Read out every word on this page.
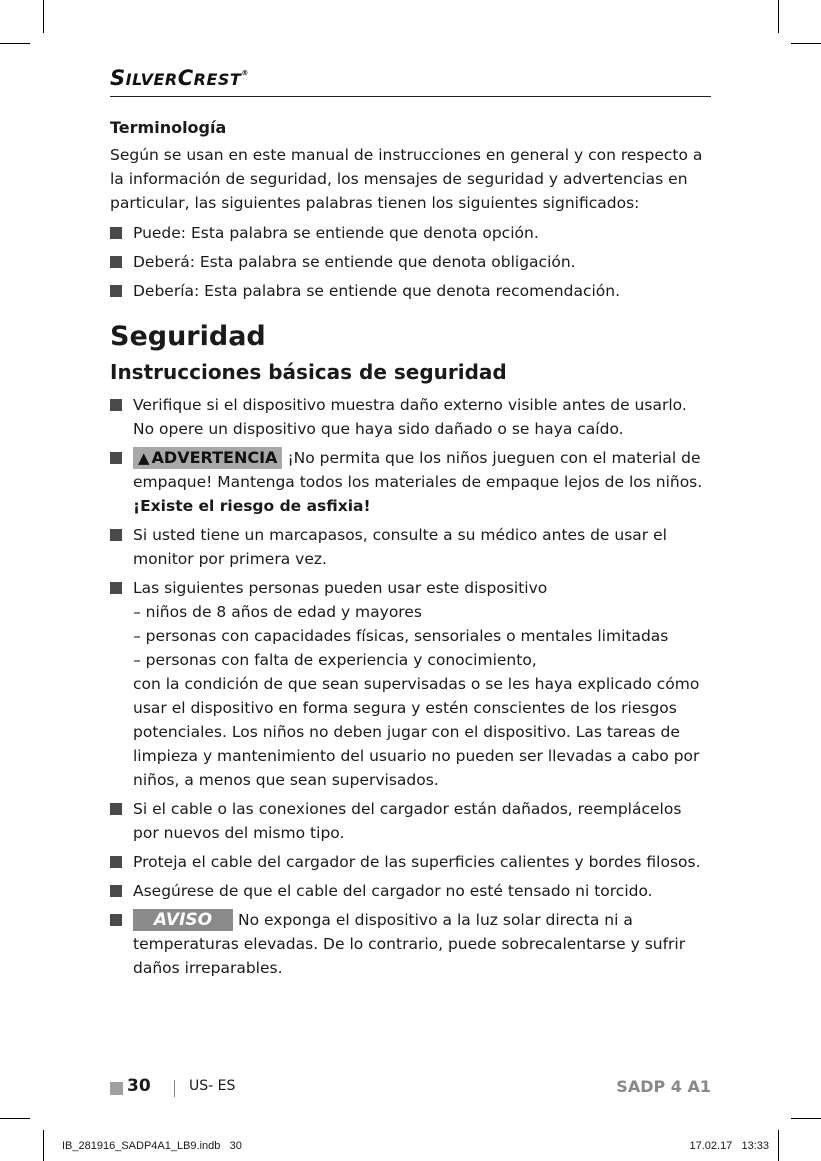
SILVERCREST®
Terminología

Según se usan en este manual de instrucciones en general y con respecto a la información de seguridad, los mensajes de seguridad y advertencias en particular, las siguientes palabras tienen los siguientes significados:

Puede: Esta palabra se entiende que denota opción.
Deberá: Esta palabra se entiende que denota obligación.
Debería: Esta palabra se entiende que denota recomendación.
Seguridad
Instrucciones básicas de seguridad
Verifique si el dispositivo muestra daño externo visible antes de usarlo.
No opere un dispositivo que haya sido dañado o se haya caído.
▲ ADVERTENCIA ¡No permita que los niños jueguen con el material de empaque! Mantenga todos los materiales de empaque lejos de los niños.
¡Existe el riesgo de asfixia!
Si usted tiene un marcapasos, consulte a su médico antes de usar el monitor por primera vez.
Las siguientes personas pueden usar este dispositivo
– niños de 8 años de edad y mayores
– personas con capacidades físicas, sensoriales o mentales limitadas
– personas con falta de experiencia y conocimiento,
con la condición de que sean supervisadas o se les haya explicado cómo usar el dispositivo en forma segura y estén conscientes de los riesgos potenciales. Los niños no deben jugar con el dispositivo. Las tareas de limpieza y mantenimiento del usuario no pueden ser llevadas a cabo por niños, a menos que sean supervisados.
Si el cable o las conexiones del cargador están dañados, reemplácelos por nuevos del mismo tipo.
Proteja el cable del cargador de las superficies calientes y bordes filosos.
Asegúrese de que el cable del cargador no esté tensado ni torcido.
AVISO No exponga el dispositivo a la luz solar directa ni a temperaturas elevadas. De lo contrario, puede sobrecalentarse y sufrir daños irreparables.
30	US- ES	SADP 4 A1
IB_281916_SADP4A1_LB9.indb   30	17.02.17   13:33
